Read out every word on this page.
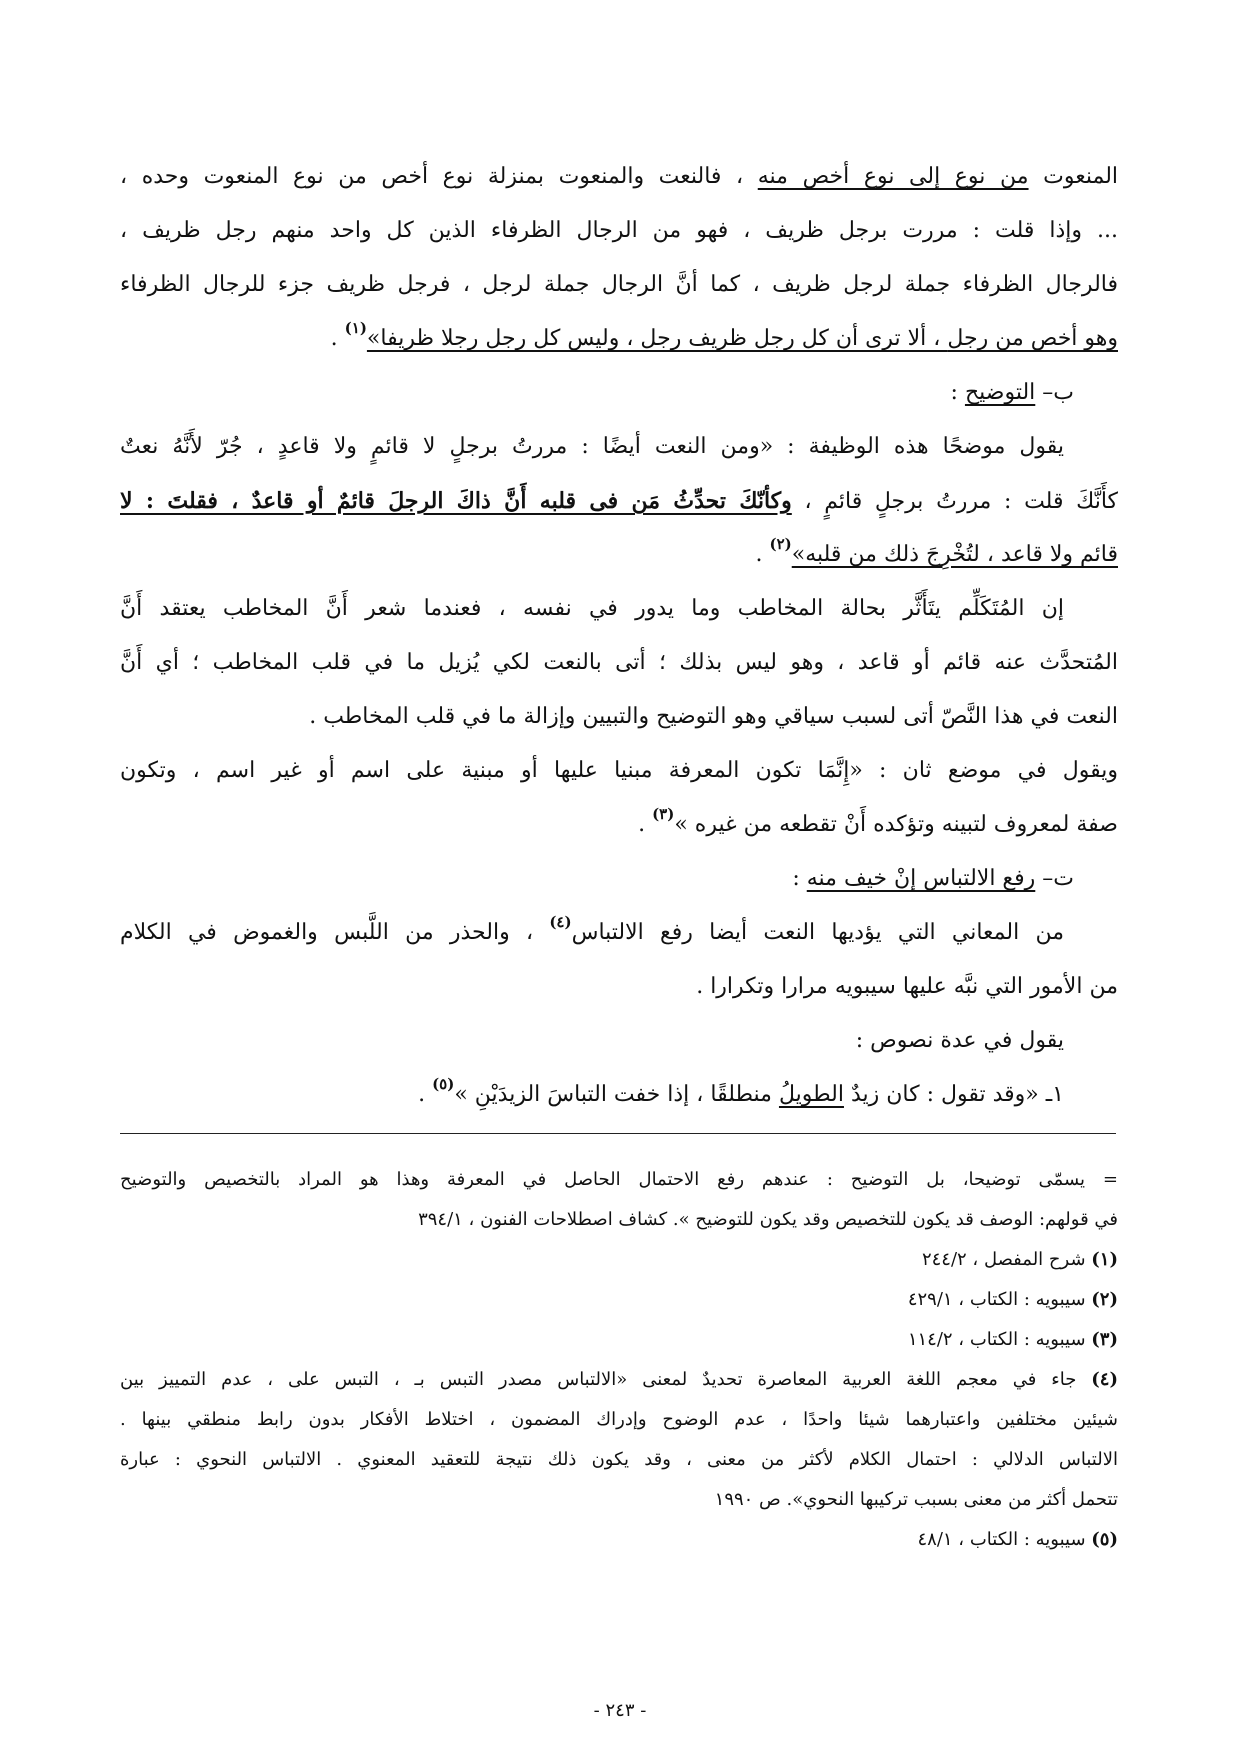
المنعوت من نوع إلى نوع أخص منه ، فالنعت والمنعوت بمنزلة نوع أخص من نوع المنعوت وحده ،
... وإذا قلت : مررت برجل ظريف ، فهو من الرجال الظرفاء الذين كل واحد منهم رجل ظريف ،
فالرجال الظرفاء جملة لرجل ظريف ، كما أنَّ الرجال جملة لرجل ، فرجل ظريف جزء للرجال الظرفاء
وهو أخص من رجل ، ألا ترى أن كل رجل ظريف رجل ، وليس كل رجل رجلا ظريفا»$^{(١)}$ .
ب– التوضيح :
يقول موضحًا هذه الوظيفة : «ومن النعت أيضًا : مررتُ برجلٍ لا قائمٍ ولا قاعدٍ ، جُرّ لأَنَّهُ نعتٌ
كأَنَّكَ قلت : مررتُ برجلٍ قائمٍ ، وكأنّكَ تحدِّثُ مَن فى قلبه أَنَّ ذاكَ الرجلَ قائمٌ أو قاعدٌ ، فقلتَ : لا
قائم ولا قاعد ، لتُخْرِجَ ذلك من قلبه»$^{(٢)}$ .
إن المُتَكَلِّم يتَأَثَّر بحالة المخاطب وما يدور في نفسه ، فعندما شعر أَنَّ المخاطب يعتقد أَنَّ
المُتحدَّث عنه قائم أو قاعد ، وهو ليس بذلك ؛ أتى بالنعت لكي يُزيل ما في قلب المخاطب ؛ أي أَنَّ
النعت في هذا النَّصّ أتى لسبب سياقي وهو التوضيح والتبيين وإزالة ما في قلب المخاطب .
ويقول في موضع ثان : «إِنَّمَا تكون المعرفة مبنيا عليها أو مبنية على اسم أو غير اسم ، وتكون
صفة لمعروف لتبينه وتؤكده أَنْ تقطعه من غيره »$^{(٣)}$ .
ت– رفع الالتباس إنْ خيف منه :
من المعاني التي يؤديها النعت أيضا رفع الالتباس$^{(٤)}$ ، والحذر من اللَّبس والغموض في الكلام
من الأمور التي نبَّه عليها سيبويه مرارا وتكرارا .
يقول في عدة نصوص :
١ـ «وقد تقول : كان زيدٌ الطويلُ منطلقًا ، إذا خفت التباسَ الزيدَيْنِ »$^{(٥)}$ .
= يسمّى توضيحا، بل التوضيح : عندهم رفع الاحتمال الحاصل في المعرفة وهذا هو المراد بالتخصيص والتوضيح
في قولهم: الوصف قد يكون للتخصيص وقد يكون للتوضيح ». كشاف اصطلاحات الفنون ، ٣٩٤/١
(١) شرح المفصل ، ٢٤٤/٢
(٢) سيبويه : الكتاب ، ٤٢٩/١
(٣) سيبويه : الكتاب ، ١١٤/٢
(٤) جاء في معجم اللغة العربية المعاصرة تحديدٌ لمعنى «الالتباس مصدر التبس بـ ، التبس على ، عدم التمييز بين
شيئين مختلفين واعتبارهما شيئا واحدًا ، عدم الوضوح وإدراك المضمون ، اختلاط الأفكار بدون رابط منطقي بينها .
الالتباس الدلالي : احتمال الكلام لأكثر من معنى ، وقد يكون ذلك نتيجة للتعقيد المعنوي . الالتباس النحوي : عبارة
تتحمل أكثر من معنى بسبب تركيبها النحوي». ص ١٩٩٠
(٥) سيبويه : الكتاب ، ٤٨/١
- ٢٤٣ -
